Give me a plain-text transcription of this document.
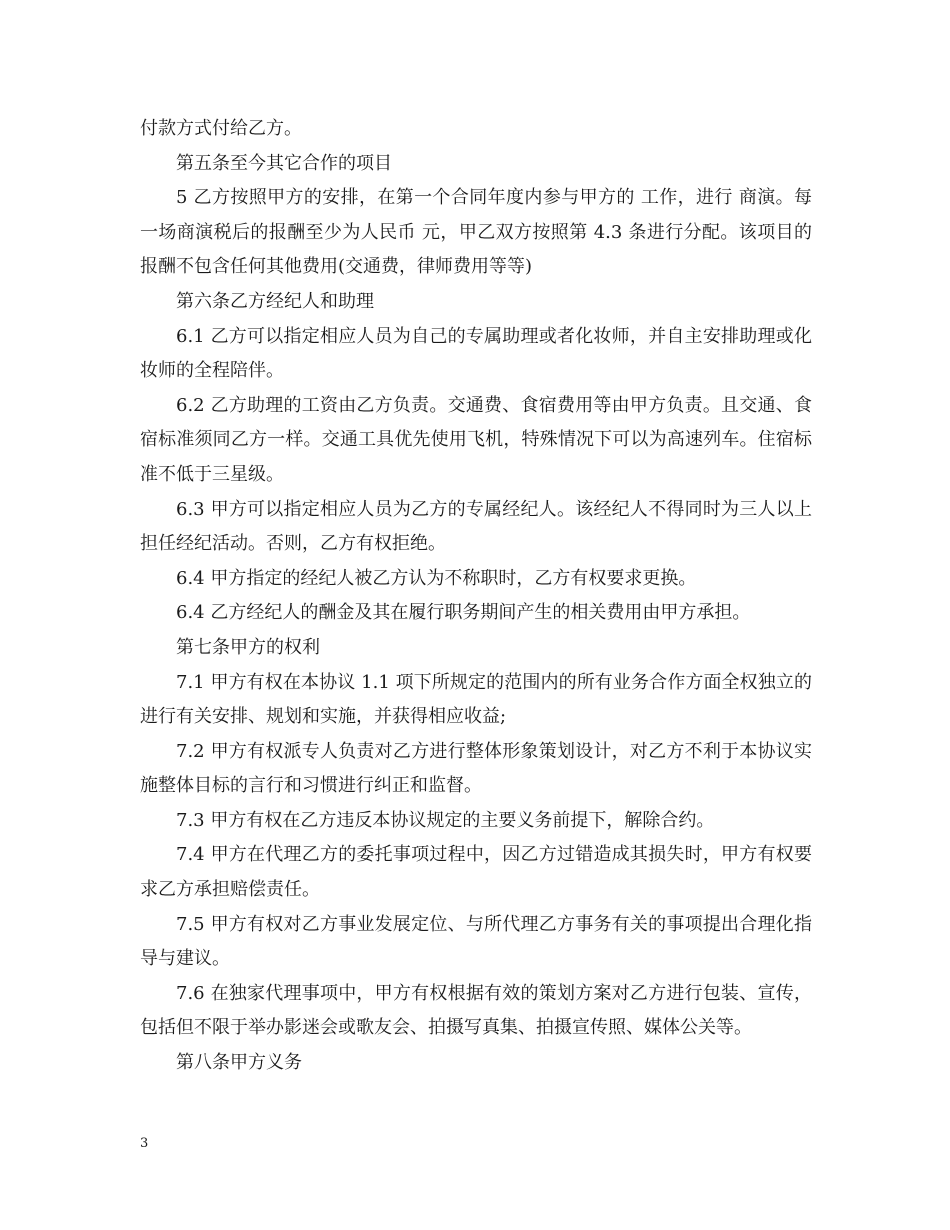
付款方式付给乙方。

第五条至今其它合作的项目

5 乙方按照甲方的安排，在第一个合同年度内参与甲方的 工作，进行 商演。每一场商演税后的报酬至少为人民币 元，甲乙双方按照第 4.3 条进行分配。该项目的报酬不包含任何其他费用(交通费，律师费用等等)

第六条乙方经纪人和助理

6.1 乙方可以指定相应人员为自己的专属助理或者化妆师，并自主安排助理或化妆师的全程陪伴。

6.2 乙方助理的工资由乙方负责。交通费、食宿费用等由甲方负责。且交通、食宿标准须同乙方一样。交通工具优先使用飞机，特殊情况下可以为高速列车。住宿标准不低于三星级。

6.3 甲方可以指定相应人员为乙方的专属经纪人。该经纪人不得同时为三人以上担任经纪活动。否则，乙方有权拒绝。

6.4 甲方指定的经纪人被乙方认为不称职时，乙方有权要求更换。

6.4 乙方经纪人的酬金及其在履行职务期间产生的相关费用由甲方承担。

第七条甲方的权利

7.1 甲方有权在本协议 1.1 项下所规定的范围内的所有业务合作方面全权独立的进行有关安排、规划和实施，并获得相应收益;

7.2 甲方有权派专人负责对乙方进行整体形象策划设计，对乙方不利于本协议实施整体目标的言行和习惯进行纠正和监督。

7.3 甲方有权在乙方违反本协议规定的主要义务前提下，解除合约。

7.4 甲方在代理乙方的委托事项过程中，因乙方过错造成其损失时，甲方有权要求乙方承担赔偿责任。

7.5 甲方有权对乙方事业发展定位、与所代理乙方事务有关的事项提出合理化指导与建议。

7.6 在独家代理事项中，甲方有权根据有效的策划方案对乙方进行包装、宣传，包括但不限于举办影迷会或歌友会、拍摄写真集、拍摄宣传照、媒体公关等。

第八条甲方义务

3
